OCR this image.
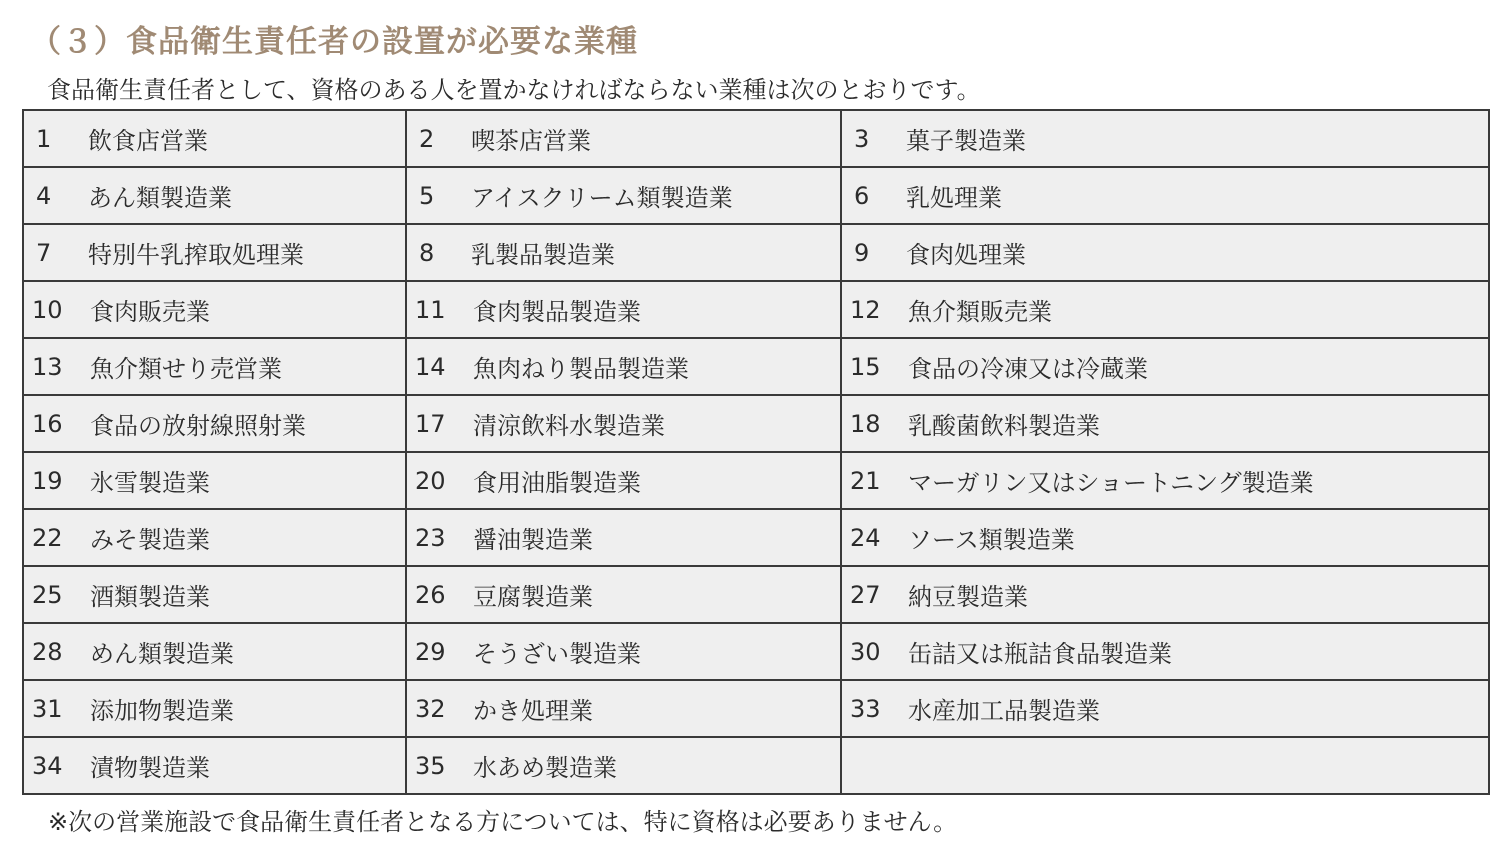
（３）食品衛生責任者の設置が必要な業種
食品衛生責任者として、資格のある人を置かなければならない業種は次のとおりです。
1 飲食店営業	2 喫茶店営業	3 菓子製造業

4 あん類製造業	5 アイスクリーム類製造業	6 乳処理業

7 特別牛乳搾取処理業	8 乳製品製造業	9 食肉処理業

10 食肉販売業	11 食肉製品製造業	12 魚介類販売業

13 魚介類せり売営業	14 魚肉ねり製品製造業	15 食品の冷凍又は冷蔵業

16 食品の放射線照射業	17 清涼飲料水製造業	18 乳酸菌飲料製造業

19 氷雪製造業	20 食用油脂製造業	21 マーガリン又はショートニング製造業

22 みそ製造業	23 醤油製造業	24 ソース類製造業

25 酒類製造業	26 豆腐製造業	27 納豆製造業

28 めん類製造業	29 そうざい製造業	30 缶詰又は瓶詰食品製造業

31 添加物製造業	32 かき処理業	33 水産加工品製造業

34 漬物製造業	35 水あめ製造業	

※次の営業施設で食品衛生責任者となる方については、特に資格は必要ありません。
